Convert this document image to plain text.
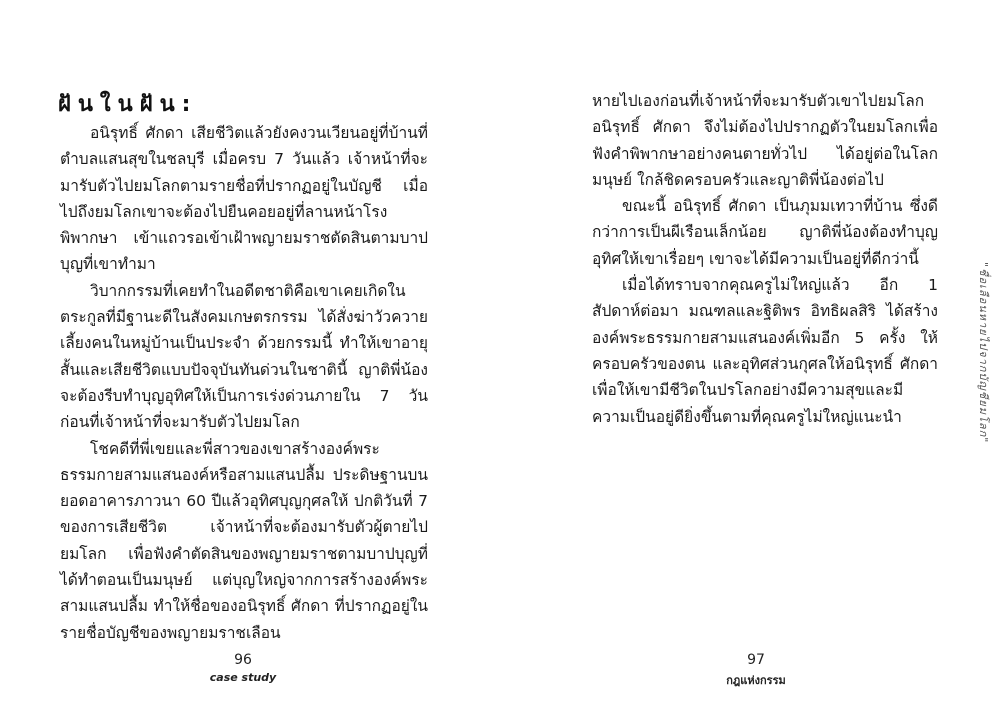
ฝันในฝัน:

อนิรุทธิ์ ศักดา เสียชีวิตแล้วยังคงวนเวียนอยู่ที่บ้านที่ตำบลแสนสุขในชลบุรี เมื่อครบ 7 วันแล้ว เจ้าหน้าที่จะมารับตัวไปยมโลกตามรายชื่อที่ปรากฏอยู่ในบัญชี เมื่อไปถึงยมโลกเขาจะต้องไปยืนคอยอยู่ที่ลานหน้าโรงพิพากษา เข้าแถวรอเข้าเฝ้าพญายมราชตัดสินตามบาปบุญที่เขาทำมา

วิบากกรรมที่เคยทำในอดีตชาติคือเขาเคยเกิดในตระกูลที่มีฐานะดีในสังคมเกษตรกรรม ได้สั่งฆ่าวัวควายเลี้ยงคนในหมู่บ้านเป็นประจำ ด้วยกรรมนี้ ทำให้เขาอายุสั้นและเสียชีวิตแบบปัจจุบันทันด่วนในชาตินี้ ญาติพี่น้องจะต้องรีบทำบุญอุทิศให้เป็นการเร่งด่วนภายใน 7 วัน ก่อนที่เจ้าหน้าที่จะมารับตัวไปยมโลก

โชคดีที่พี่เขยและพี่สาวของเขาสร้างองค์พระธรรมกายสามแสนองค์หรือสามแสนปลื้ม ประดิษฐานบนยอดอาคารภาวนา 60 ปีแล้วอุทิศบุญกุศลให้ ปกติวันที่ 7 ของการเสียชีวิต เจ้าหน้าที่จะต้องมารับตัวผู้ตายไปยมโลก เพื่อฟังคำตัดสินของพญายมราชตามบาปบุญที่ได้ทำตอนเป็นมนุษย์ แต่บุญใหญ่จากการสร้างองค์พระสามแสนปลื้ม ทำให้ชื่อของอนิรุทธิ์ ศักดา ที่ปรากฏอยู่ในรายชื่อบัญชีของพญายมราชเลือน

96

case study

หายไปเองก่อนที่เจ้าหน้าที่จะมารับตัวเขาไปยมโลก อนิรุทธิ์ ศักดา จึงไม่ต้องไปปรากฏตัวในยมโลกเพื่อฟังคำพิพากษาอย่างคนตายทั่วไป ได้อยู่ต่อในโลกมนุษย์ ใกล้ชิดครอบครัวและญาติพี่น้องต่อไป

ขณะนี้ อนิรุทธิ์ ศักดา เป็นภุมมเทวาที่บ้าน ซึ่งดีกว่าการเป็นผีเรือนเล็กน้อย ญาติพี่น้องต้องทำบุญอุทิศให้เขาเรื่อยๆ เขาจะได้มีความเป็นอยู่ที่ดีกว่านี้

เมื่อได้ทราบจากคุณครูไม่ใหญ่แล้ว อีก 1 สัปดาห์ต่อมา มณฑลและฐิติพร อิทธิผลสิริ ได้สร้างองค์พระธรรมกายสามแสนองค์เพิ่มอีก 5 ครั้ง ให้ครอบครัวของตน และอุทิศส่วนกุศลให้อนิรุทธิ์ ศักดา เพื่อให้เขามีชีวิตในปรโลกอย่างมีความสุขและมีความเป็นอยู่ดียิ่งขึ้นตามที่คุณครูไม่ใหญ่แนะนำ

97

กฎแห่งกรรม

"ชื่อเลือนหายไปจากบัญชียมโลก"
